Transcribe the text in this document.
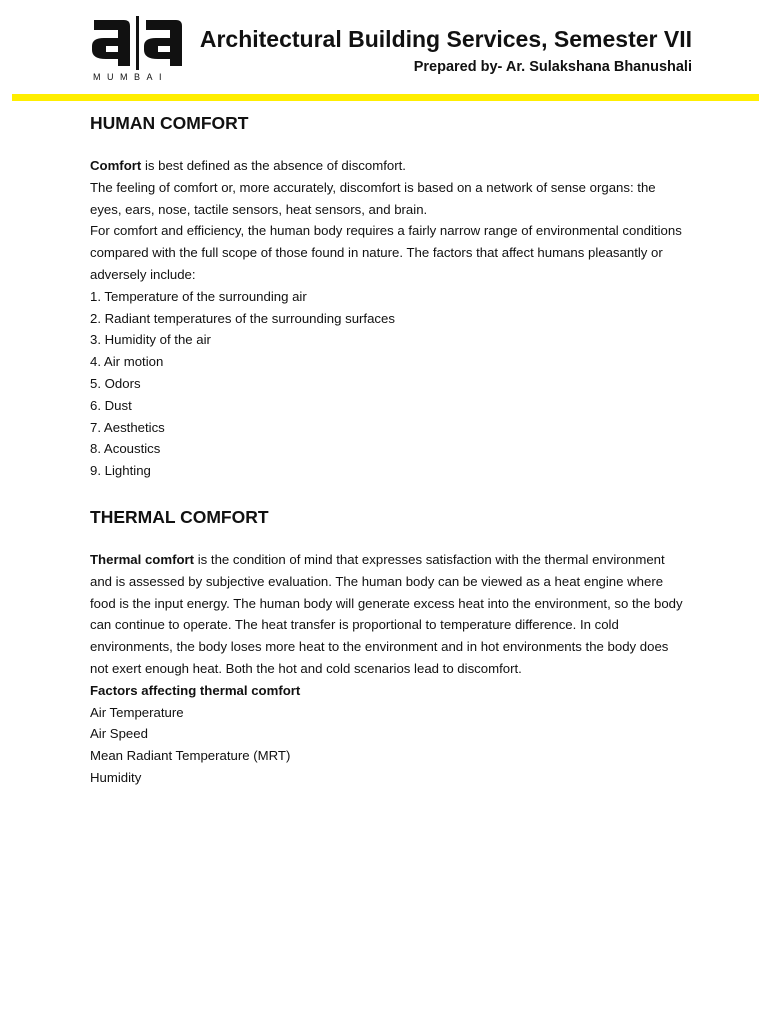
MUMBAI
Architectural Building Services, Semester VII
Prepared by- Ar. Sulakshana Bhanushali
HUMAN COMFORT

Comfort is best defined as the absence of discomfort.

The feeling of comfort or, more accurately, discomfort is based on a network of sense organs: the eyes, ears, nose, tactile sensors, heat sensors, and brain.

For comfort and efficiency, the human body requires a fairly narrow range of environmental conditions compared with the full scope of those found in nature. The factors that affect humans pleasantly or adversely include:

1. Temperature of the surrounding air
2. Radiant temperatures of the surrounding surfaces
3. Humidity of the air
4. Air motion
5. Odors
6. Dust
7. Aesthetics
8. Acoustics
9. Lighting
THERMAL COMFORT

Thermal comfort is the condition of mind that expresses satisfaction with the thermal environment and is assessed by subjective evaluation. The human body can be viewed as a heat engine where food is the input energy. The human body will generate excess heat into the environment, so the body can continue to operate. The heat transfer is proportional to temperature difference. In cold environments, the body loses more heat to the environment and in hot environments the body does not exert enough heat. Both the hot and cold scenarios lead to discomfort.

Factors affecting thermal comfort

Air Temperature
Air Speed
Mean Radiant Temperature (MRT)
Humidity
